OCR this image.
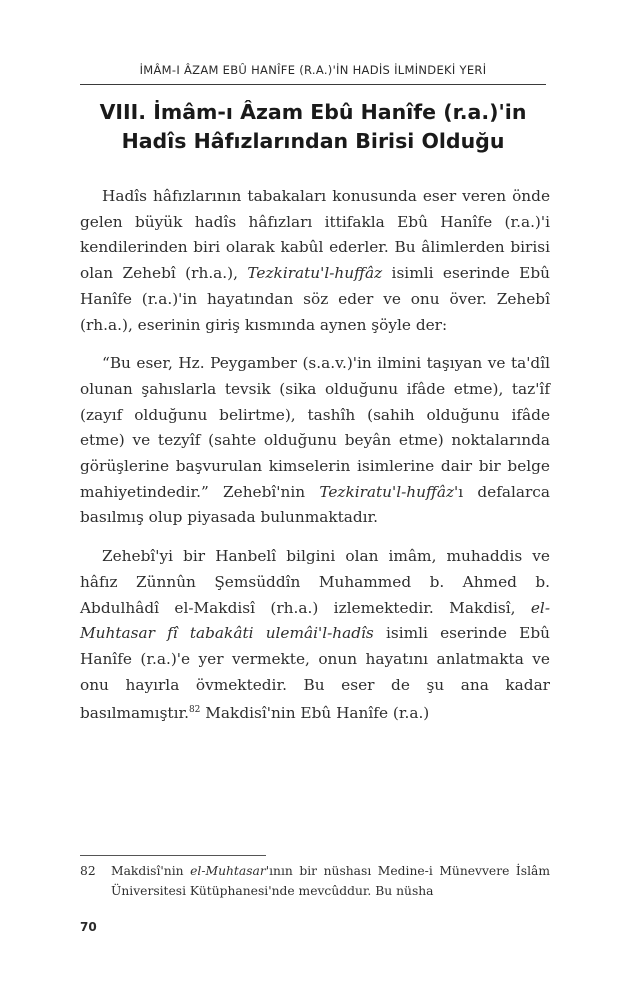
İMÂM-I ÂZAM EBÛ HANÎFE (R.A.)'İN HADİS İLMİNDEKİ YERİ
VIII. İmâm-ı Âzam Ebû Hanîfe (r.a.)'in
Hadîs Hâfızlarından Birisi Olduğu

Hadîs hâfızlarının tabakaları konusunda eser veren önde gelen büyük hadîs hâfızları ittifakla Ebû Hanîfe (r.a.)'i kendilerinden biri olarak kabûl ederler. Bu âlimlerden birisi olan Zehebî (rh.a.), Tezkiratu'l-huffâz isimli eserinde Ebû Hanîfe (r.a.)'in hayatından söz eder ve onu över. Zehebî (rh.a.), eserinin giriş kısmında aynen şöyle der:

“Bu eser, Hz. Peygamber (s.a.v.)'in ilmini taşıyan ve ta'dîl olunan şahıslarla tevsik (sika olduğunu ifâde etme), taz'îf (zayıf olduğunu belirtme), tashîh (sahih olduğunu ifâde etme) ve tezyîf (sahte olduğunu beyân etme) noktalarında görüşlerine başvurulan kimselerin isimlerine dair bir belge mahiyetindedir.” Zehebî'nin Tezkiratu'l-huffâz'ı defalarca basılmış olup piyasada bulunmaktadır.

Zehebî'yi bir Hanbelî bilgini olan imâm, muhaddis ve hâfız Zünnûn Şemsüddîn Muhammed b. Ahmed b. Abdulhâdî el-Makdisî (rh.a.) izlemektedir. Makdisî, el-Muhtasar fî tabakâti ulemâi'l-hadîs isimli eserinde Ebû Hanîfe (r.a.)'e yer vermekte, onun hayatını anlatmakta ve onu hayırla övmektedir. Bu eser de şu ana kadar basılmamıştır.$^{82}$ Makdisî'nin Ebû Hanîfe (r.a.)

82 Makdisî'nin el-Muhtasar'ının bir nüshası Medine-i Münevvere İslâm Üniversitesi Kütüphanesi'nde mevcûddur. Bu nüsha
70
